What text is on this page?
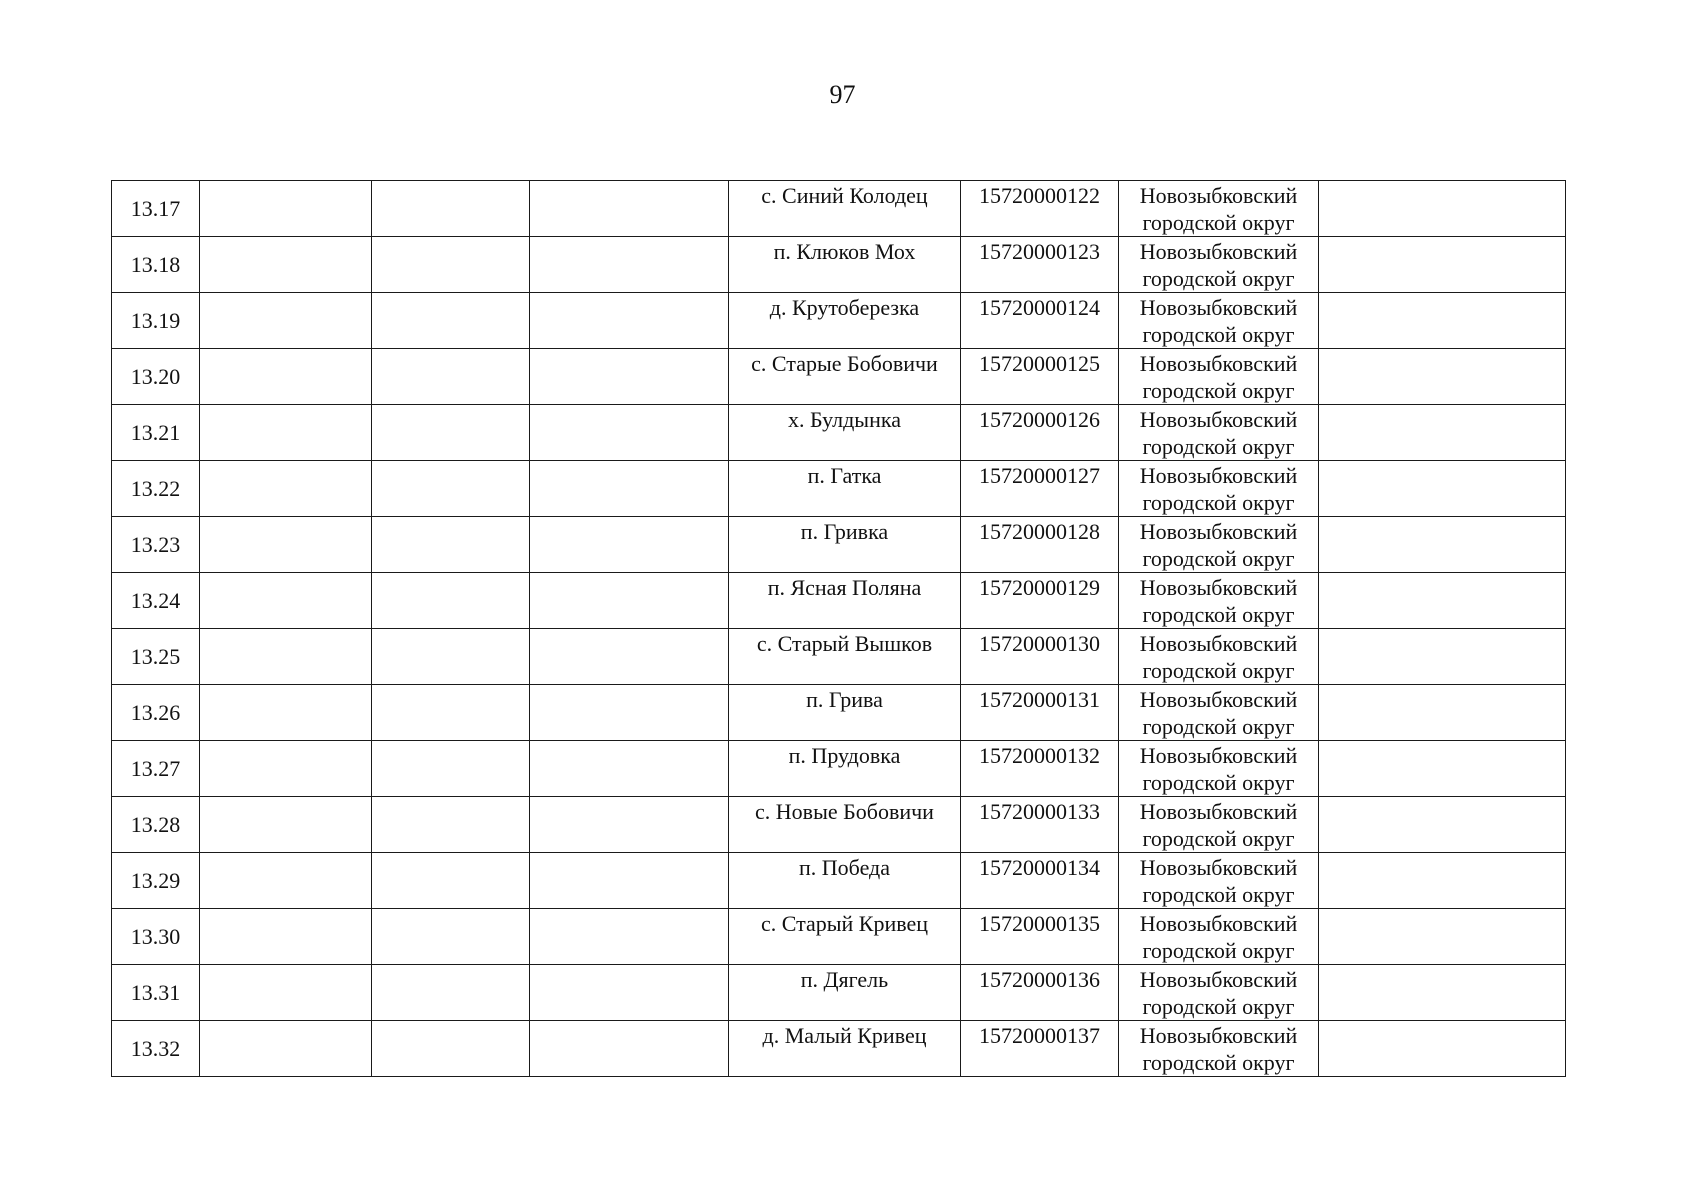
97
13.17				с. Синий Колодец	15720000122	Новозыбковский
городской округ	

13.18				п. Клюков Мох	15720000123	Новозыбковский
городской округ	

13.19				д. Крутоберезка	15720000124	Новозыбковский
городской округ	

13.20				с. Старые Бобовичи	15720000125	Новозыбковский
городской округ	

13.21				х. Булдынка	15720000126	Новозыбковский
городской округ	

13.22				п. Гатка	15720000127	Новозыбковский
городской округ	

13.23				п. Гривка	15720000128	Новозыбковский
городской округ	

13.24				п. Ясная Поляна	15720000129	Новозыбковский
городской округ	

13.25				с. Старый Вышков	15720000130	Новозыбковский
городской округ	

13.26				п. Грива	15720000131	Новозыбковский
городской округ	

13.27				п. Прудовка	15720000132	Новозыбковский
городской округ	

13.28				с. Новые Бобовичи	15720000133	Новозыбковский
городской округ	

13.29				п. Победа	15720000134	Новозыбковский
городской округ	

13.30				с. Старый Кривец	15720000135	Новозыбковский
городской округ	

13.31				п. Дягель	15720000136	Новозыбковский
городской округ	

13.32				д. Малый Кривец	15720000137	Новозыбковский
городской округ	
